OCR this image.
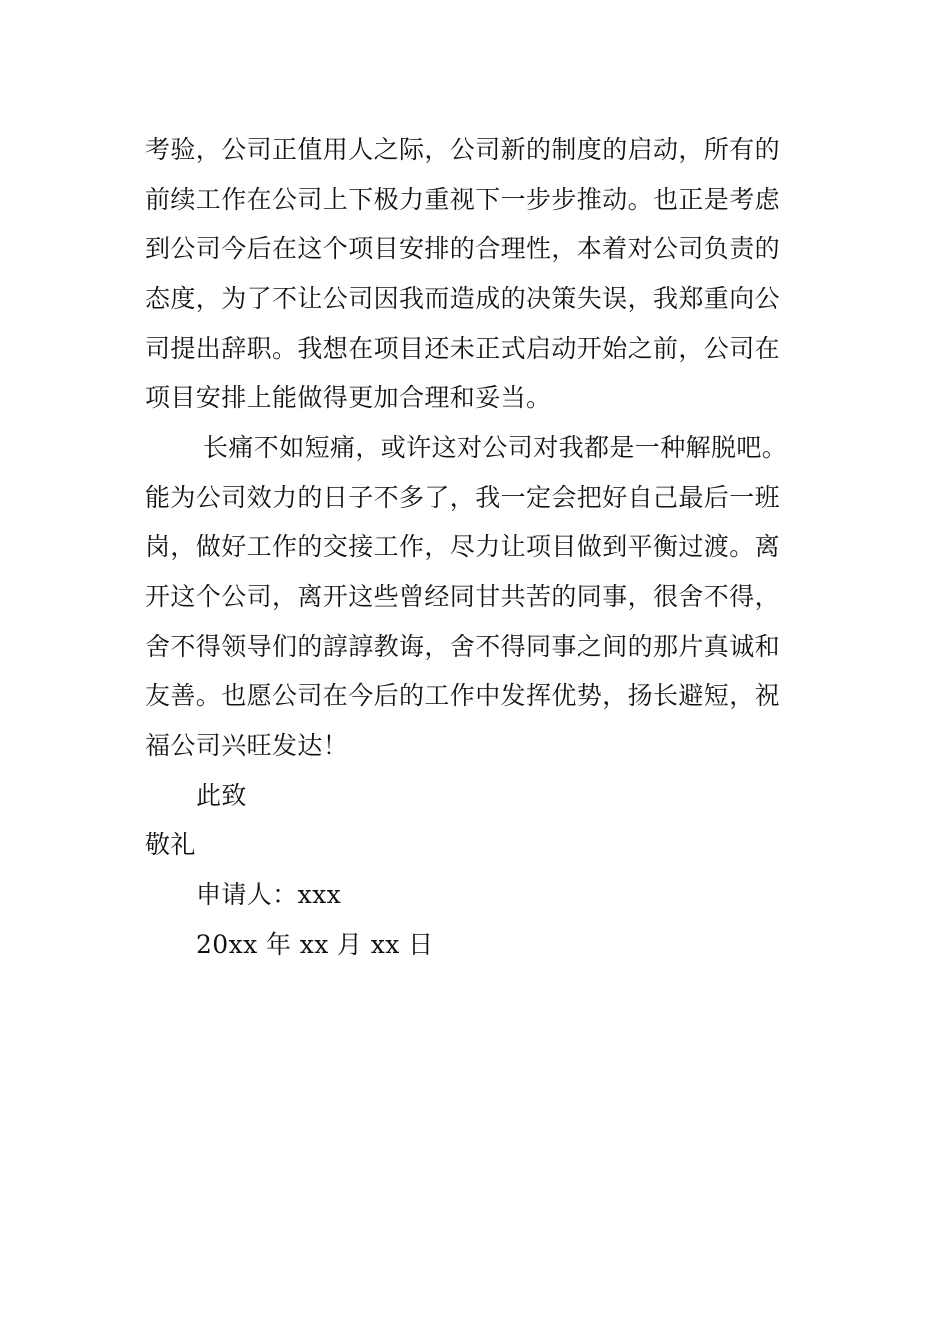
考验，公司正值用人之际，公司新的制度的启动，所有的
前续工作在公司上下极力重视下一步步推动。也正是考虑
到公司今后在这个项目安排的合理性，本着对公司负责的
态度，为了不让公司因我而造成的决策失误，我郑重向公
司提出辞职。我想在项目还未正式启动开始之前，公司在
项目安排上能做得更加合理和妥当。
长痛不如短痛，或许这对公司对我都是一种解脱吧。
能为公司效力的日子不多了，我一定会把好自己最后一班
岗，做好工作的交接工作，尽力让项目做到平衡过渡。离
开这个公司，离开这些曾经同甘共苦的同事，很舍不得，
舍不得领导们的諄諄教诲，舍不得同事之间的那片真诚和
友善。也愿公司在今后的工作中发挥优势，扬长避短，祝
福公司兴旺发达！
此致
敬礼
申请人：xxx
20xx 年 xx 月 xx 日
